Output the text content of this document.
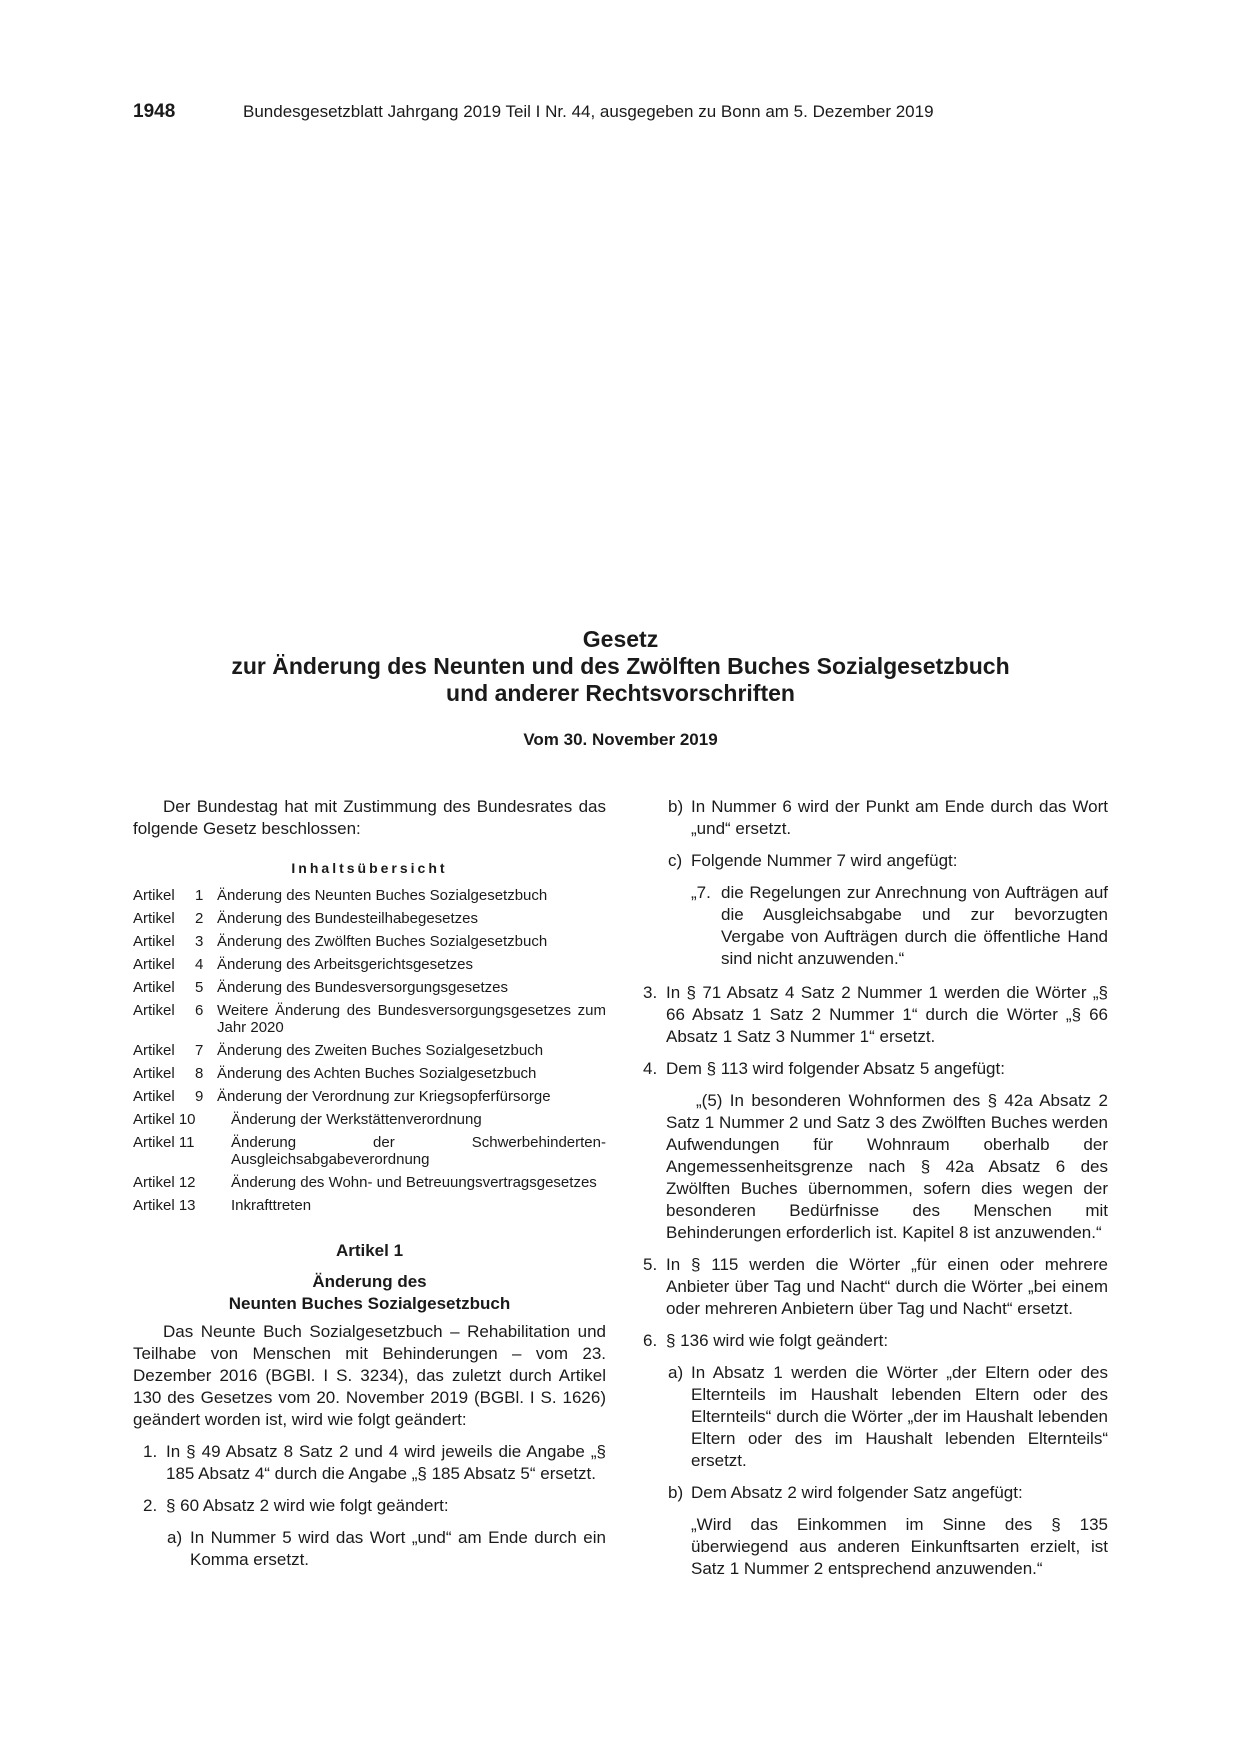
1948	Bundesgesetzblatt Jahrgang 2019 Teil I Nr. 44, ausgegeben zu Bonn am 5. Dezember 2019
Gesetz
zur Änderung des Neunten und des Zwölften Buches Sozialgesetzbuch
und anderer Rechtsvorschriften
Vom 30. November 2019

Der Bundestag hat mit Zustimmung des Bundesrates das folgende Gesetz beschlossen:

Inhaltsübersicht
Artikel	1 Änderung des Neunten Buches Sozialgesetzbuch
Artikel	2 Änderung des Bundesteilhabegesetzes
Artikel	3 Änderung des Zwölften Buches Sozialgesetzbuch
Artikel	4 Änderung des Arbeitsgerichtsgesetzes
Artikel	5 Änderung des Bundesversorgungsgesetzes
Artikel	6 Weitere Änderung des Bundesversorgungsgesetzes zum Jahr 2020
Artikel	7 Änderung des Zweiten Buches Sozialgesetzbuch
Artikel	8 Änderung des Achten Buches Sozialgesetzbuch
Artikel	9 Änderung der Verordnung zur Kriegsopferfürsorge
Artikel 10	Änderung der Werkstättenverordnung
Artikel 11	Änderung der Schwerbehinderten-Ausgleichsabgabeverordnung
Artikel 12	Änderung des Wohn- und Betreuungsvertragsgesetzes
Artikel 13	Inkrafttreten
Artikel 1
Änderung des
Neunten Buches Sozialgesetzbuch

Das Neunte Buch Sozialgesetzbuch – Rehabilitation und Teilhabe von Menschen mit Behinderungen – vom 23. Dezember 2016 (BGBl. I S. 3234), das zuletzt durch Artikel 130 des Gesetzes vom 20. November 2019 (BGBl. I S. 1626) geändert worden ist, wird wie folgt geändert:

1. In § 49 Absatz 8 Satz 2 und 4 wird jeweils die Angabe „§ 185 Absatz 4“ durch die Angabe „§ 185 Absatz 5“ ersetzt.
2. § 60 Absatz 2 wird wie folgt geändert:
a) In Nummer 5 wird das Wort „und“ am Ende durch ein Komma ersetzt.
b) In Nummer 6 wird der Punkt am Ende durch das Wort „und“ ersetzt.
c) Folgende Nummer 7 wird angefügt:
„7. die Regelungen zur Anrechnung von Aufträgen auf die Ausgleichsabgabe und zur bevorzugten Vergabe von Aufträgen durch die öffentliche Hand sind nicht anzuwenden.“
3. In § 71 Absatz 4 Satz 2 Nummer 1 werden die Wörter „§ 66 Absatz 1 Satz 2 Nummer 1“ durch die Wörter „§ 66 Absatz 1 Satz 3 Nummer 1“ ersetzt.
4. Dem § 113 wird folgender Absatz 5 angefügt:

„(5) In besonderen Wohnformen des § 42a Absatz 2 Satz 1 Nummer 2 und Satz 3 des Zwölften Buches werden Aufwendungen für Wohnraum oberhalb der Angemessenheitsgrenze nach § 42a Absatz 6 des Zwölften Buches übernommen, sofern dies wegen der besonderen Bedürfnisse des Menschen mit Behinderungen erforderlich ist. Kapitel 8 ist anzuwenden.“

5. In § 115 werden die Wörter „für einen oder mehrere Anbieter über Tag und Nacht“ durch die Wörter „bei einem oder mehreren Anbietern über Tag und Nacht“ ersetzt.
6. § 136 wird wie folgt geändert:
a) In Absatz 1 werden die Wörter „der Eltern oder des Elternteils im Haushalt lebenden Eltern oder des Elternteils“ durch die Wörter „der im Haushalt lebenden Eltern oder des im Haushalt lebenden Elternteils“ ersetzt.
b) Dem Absatz 2 wird folgender Satz angefügt:

„Wird das Einkommen im Sinne des § 135 überwiegend aus anderen Einkunftsarten erzielt, ist Satz 1 Nummer 2 entsprechend anzuwenden.“
